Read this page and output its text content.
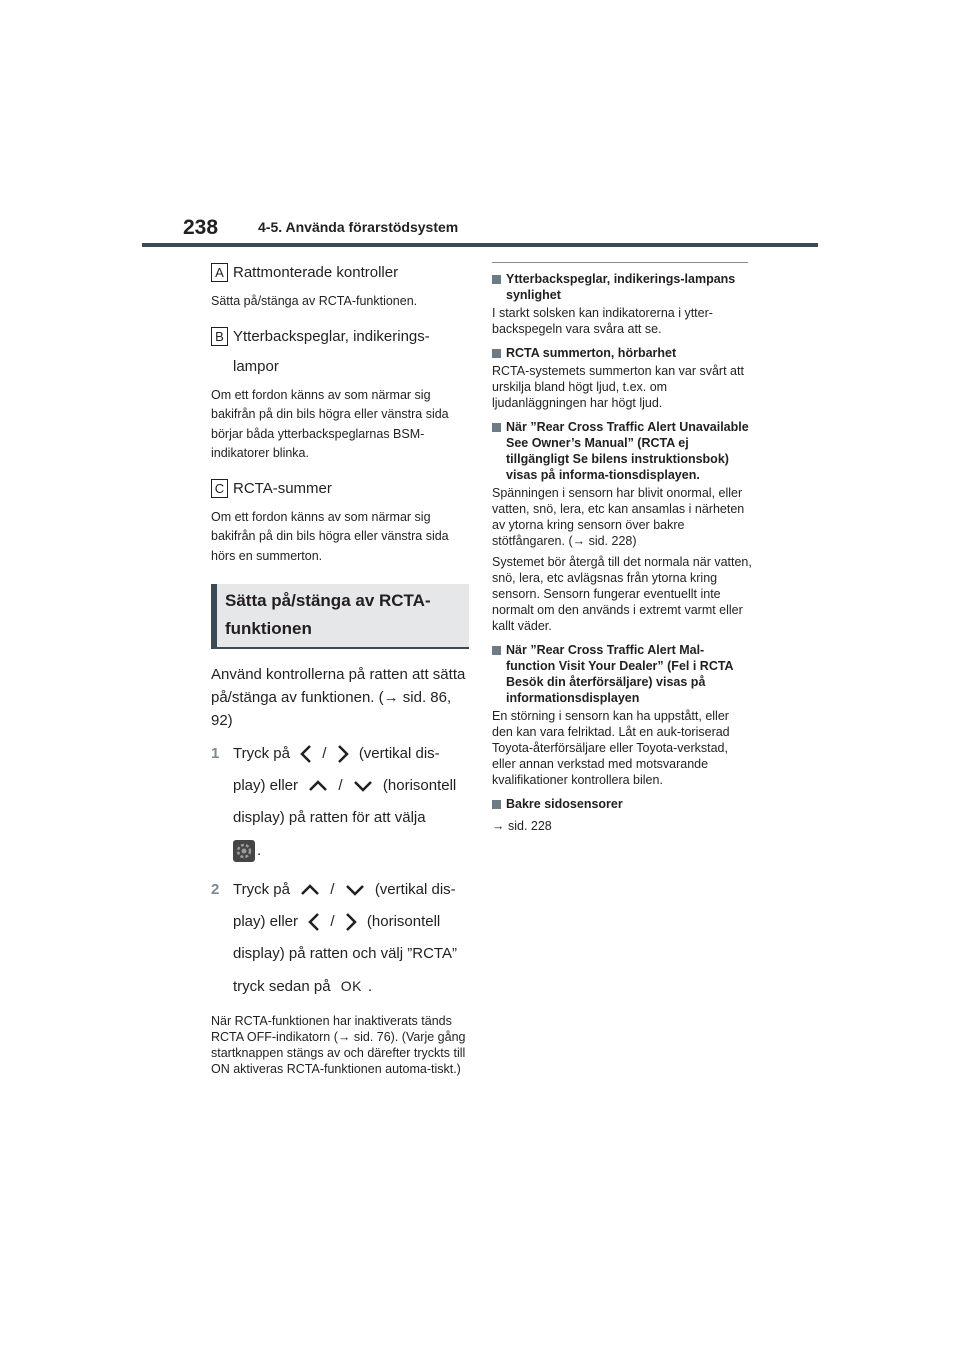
238	4-5. Använda förarstödsystem
A Rattmonterade kontroller
Sätta på/stänga av RCTA-funktionen.
B Ytterbackspeglar, indikerings-lampor
Om ett fordon känns av som närmar sig bakifrån på din bils högra eller vänstra sida börjar båda ytterbackspeglarnas BSM-indikatorer blinka.
C RCTA-summer
Om ett fordon känns av som närmar sig bakifrån på din bils högra eller vänstra sida hörs en summerton.
Sätta på/stänga av RCTA-funktionen
Använd kontrollerna på ratten att sätta på/stänga av funktionen. (→ sid. 86, 92)
1 Tryck på / (vertikal dis-play) eller	/	(horisontell display) på ratten för att välja
.
2 Tryck på	/	(vertikal dis-play) eller / (horisontell display) på ratten och välj ”RCTA” tryck sedan på OK .
När RCTA-funktionen har inaktiverats tänds RCTA OFF-indikatorn (→ sid. 76). (Varje gång startknappen stängs av och därefter tryckts till ON aktiveras RCTA-funktionen automa-tiskt.)
Ytterbackspeglar, indikerings-lampans synlighet
I starkt solsken kan indikatorerna i ytter-backspegeln vara svåra att se.
RCTA summerton, hörbarhet
RCTA-systemets summerton kan var svårt att urskilja bland högt ljud, t.ex. om ljudanläggningen har högt ljud.
När ”Rear Cross Traffic Alert Unavailable See Owner’s Manual” (RCTA ej tillgängligt Se bilens instruktionsbok) visas på informa-tionsdisplayen.
Spänningen i sensorn har blivit onormal, eller vatten, snö, lera, etc kan ansamlas i närheten av ytorna kring sensorn över bakre stötfångaren. (→ sid. 228)
Systemet bör återgå till det normala när vatten, snö, lera, etc avlägsnas från ytorna kring sensorn. Sensorn fungerar eventuellt inte normalt om den används i extremt varmt eller kallt väder.
När ”Rear Cross Traffic Alert Mal-function Visit Your Dealer” (Fel i RCTA Besök din återförsäljare) visas på informationsdisplayen
En störning i sensorn kan ha uppstått, eller den kan vara felriktad. Låt en auk-toriserad Toyota-återförsäljare eller Toyota-verkstad, eller annan verkstad med motsvarande kvalifikationer kontrollera bilen.
Bakre sidosensorer
→ sid. 228
